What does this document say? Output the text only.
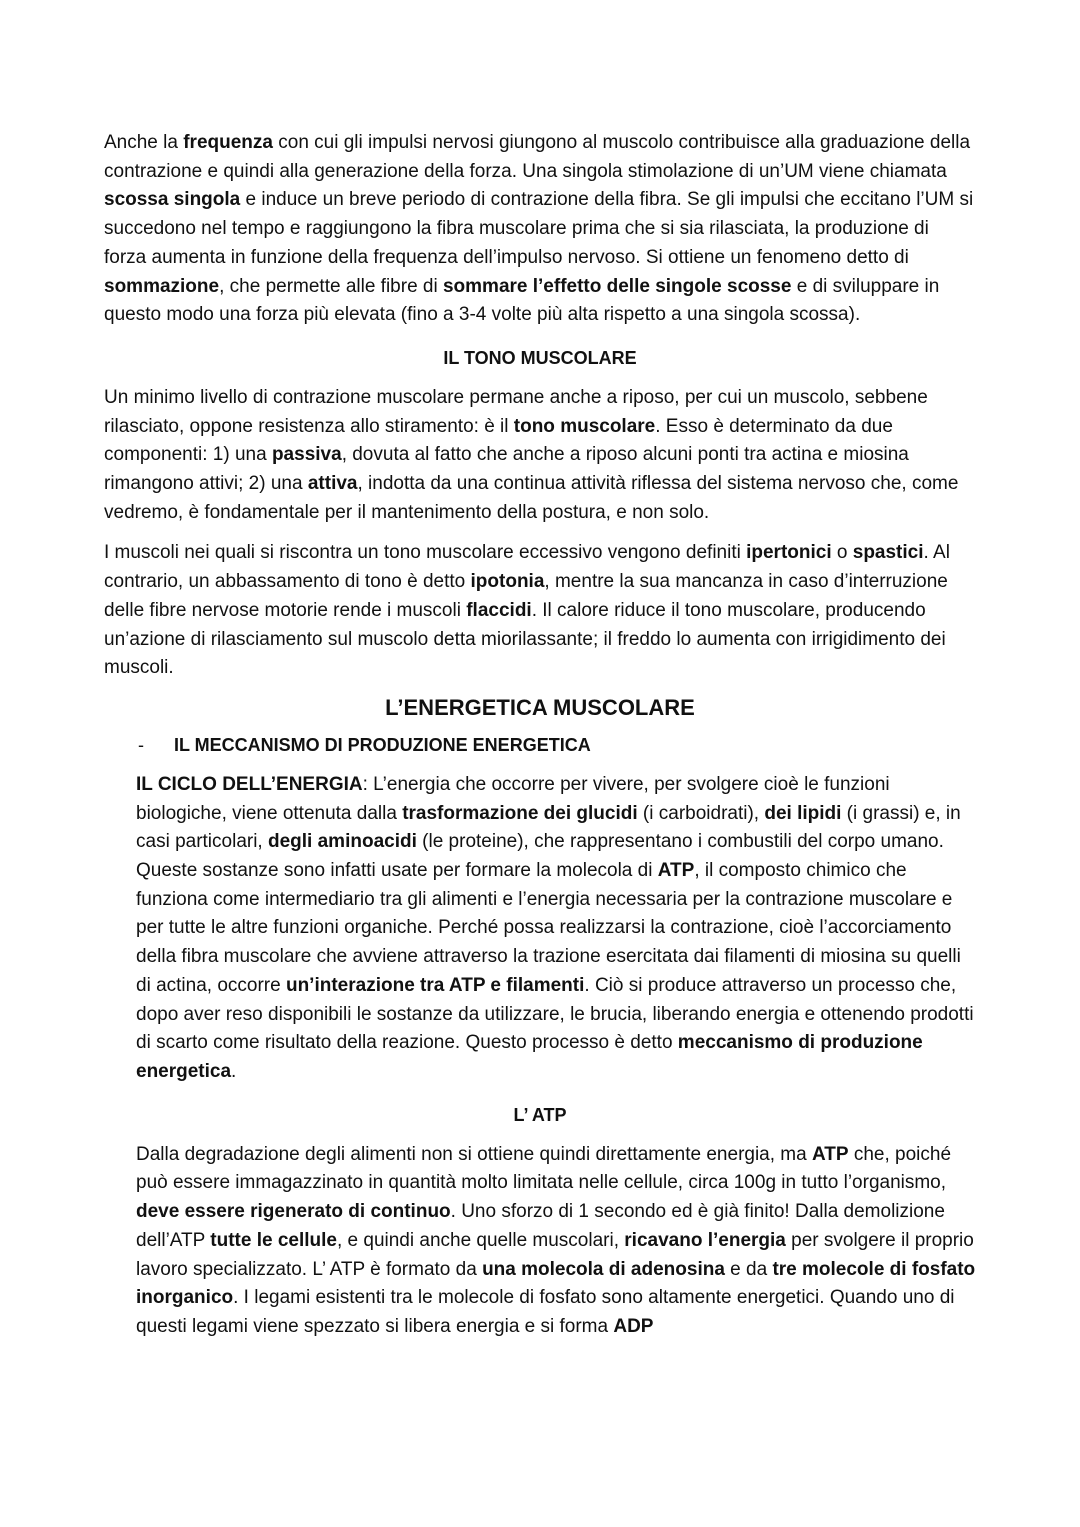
Anche la frequenza con cui gli impulsi nervosi giungono al muscolo contribuisce alla graduazione della contrazione e quindi alla generazione della forza. Una singola stimolazione di un’UM viene chiamata scossa singola e induce un breve periodo di contrazione della fibra. Se gli impulsi che eccitano l’UM si succedono nel tempo e raggiungono la fibra muscolare prima che si sia rilasciata, la produzione di forza aumenta in funzione della frequenza dell’impulso nervoso. Si ottiene un fenomeno detto di sommazione, che permette alle fibre di sommare l’effetto delle singole scosse e di sviluppare in questo modo una forza più elevata (fino a 3-4 volte più alta rispetto a una singola scossa).
IL TONO MUSCOLARE
Un minimo livello di contrazione muscolare permane anche a riposo, per cui un muscolo, sebbene rilasciato, oppone resistenza allo stiramento: è il tono muscolare. Esso è determinato da due componenti: 1) una passiva, dovuta al fatto che anche a riposo alcuni ponti tra actina e miosina rimangono attivi; 2) una attiva, indotta da una continua attività riflessa del sistema nervoso che, come vedremo, è fondamentale per il mantenimento della postura, e non solo.
I muscoli nei quali si riscontra un tono muscolare eccessivo vengono definiti ipertonici o spastici. Al contrario, un abbassamento di tono è detto ipotonia, mentre la sua mancanza in caso d’interruzione delle fibre nervose motorie rende i muscoli flaccidi. Il calore riduce il tono muscolare, producendo un’azione di rilasciamento sul muscolo detta miorilassante; il freddo lo aumenta con irrigidimento dei muscoli.
L’ENERGETICA MUSCOLARE
-	IL MECCANISMO DI PRODUZIONE ENERGETICA
IL CICLO DELL’ENERGIA: L’energia che occorre per vivere, per svolgere cioè le funzioni biologiche, viene ottenuta dalla trasformazione dei glucidi (i carboidrati), dei lipidi (i grassi) e, in casi particolari, degli aminoacidi (le proteine), che rappresentano i combustili del corpo umano. Queste sostanze sono infatti usate per formare la molecola di ATP, il composto chimico che funziona come intermediario tra gli alimenti e l’energia necessaria per la contrazione muscolare e per tutte le altre funzioni organiche. Perché possa realizzarsi la contrazione, cioè l’accorciamento della fibra muscolare che avviene attraverso la trazione esercitata dai filamenti di miosina su quelli di actina, occorre un’interazione tra ATP e filamenti. Ciò si produce attraverso un processo che, dopo aver reso disponibili le sostanze da utilizzare, le brucia, liberando energia e ottenendo prodotti di scarto come risultato della reazione. Questo processo è detto meccanismo di produzione energetica.
L’ ATP
Dalla degradazione degli alimenti non si ottiene quindi direttamente energia, ma ATP che, poiché può essere immagazzinato in quantità molto limitata nelle cellule, circa 100g in tutto l’organismo, deve essere rigenerato di continuo. Uno sforzo di 1 secondo ed è già finito! Dalla demolizione dell’ATP tutte le cellule, e quindi anche quelle muscolari, ricavano l’energia per svolgere il proprio lavoro specializzato. L’ ATP è formato da una molecola di adenosina e da tre molecole di fosfato inorganico. I legami esistenti tra le molecole di fosfato sono altamente energetici. Quando uno di questi legami viene spezzato si libera energia e si forma ADP
